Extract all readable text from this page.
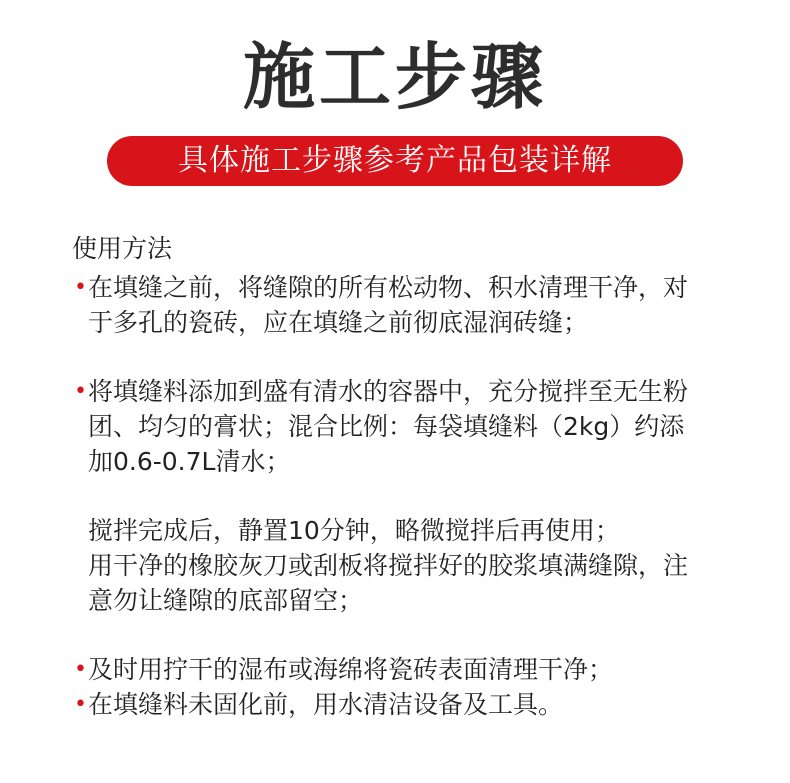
施工步骤
具体施工步骤参考产品包装详解
使用方法
• 在填缝之前，将缝隙的所有松动物、积水清理干净，对
于多孔的瓷砖，应在填缝之前彻底湿润砖缝；
• 将填缝料添加到盛有清水的容器中，充分搅拌至无生粉
团、均匀的膏状；混合比例：每袋填缝料（2kg）约添
加0.6-0.7L清水；
搅拌完成后，静置10分钟，略微搅拌后再使用；
用干净的橡胶灰刀或刮板将搅拌好的胶浆填满缝隙，注
意勿让缝隙的底部留空；
• 及时用拧干的湿布或海绵将瓷砖表面清理干净；
• 在填缝料未固化前，用水清洁设备及工具。
